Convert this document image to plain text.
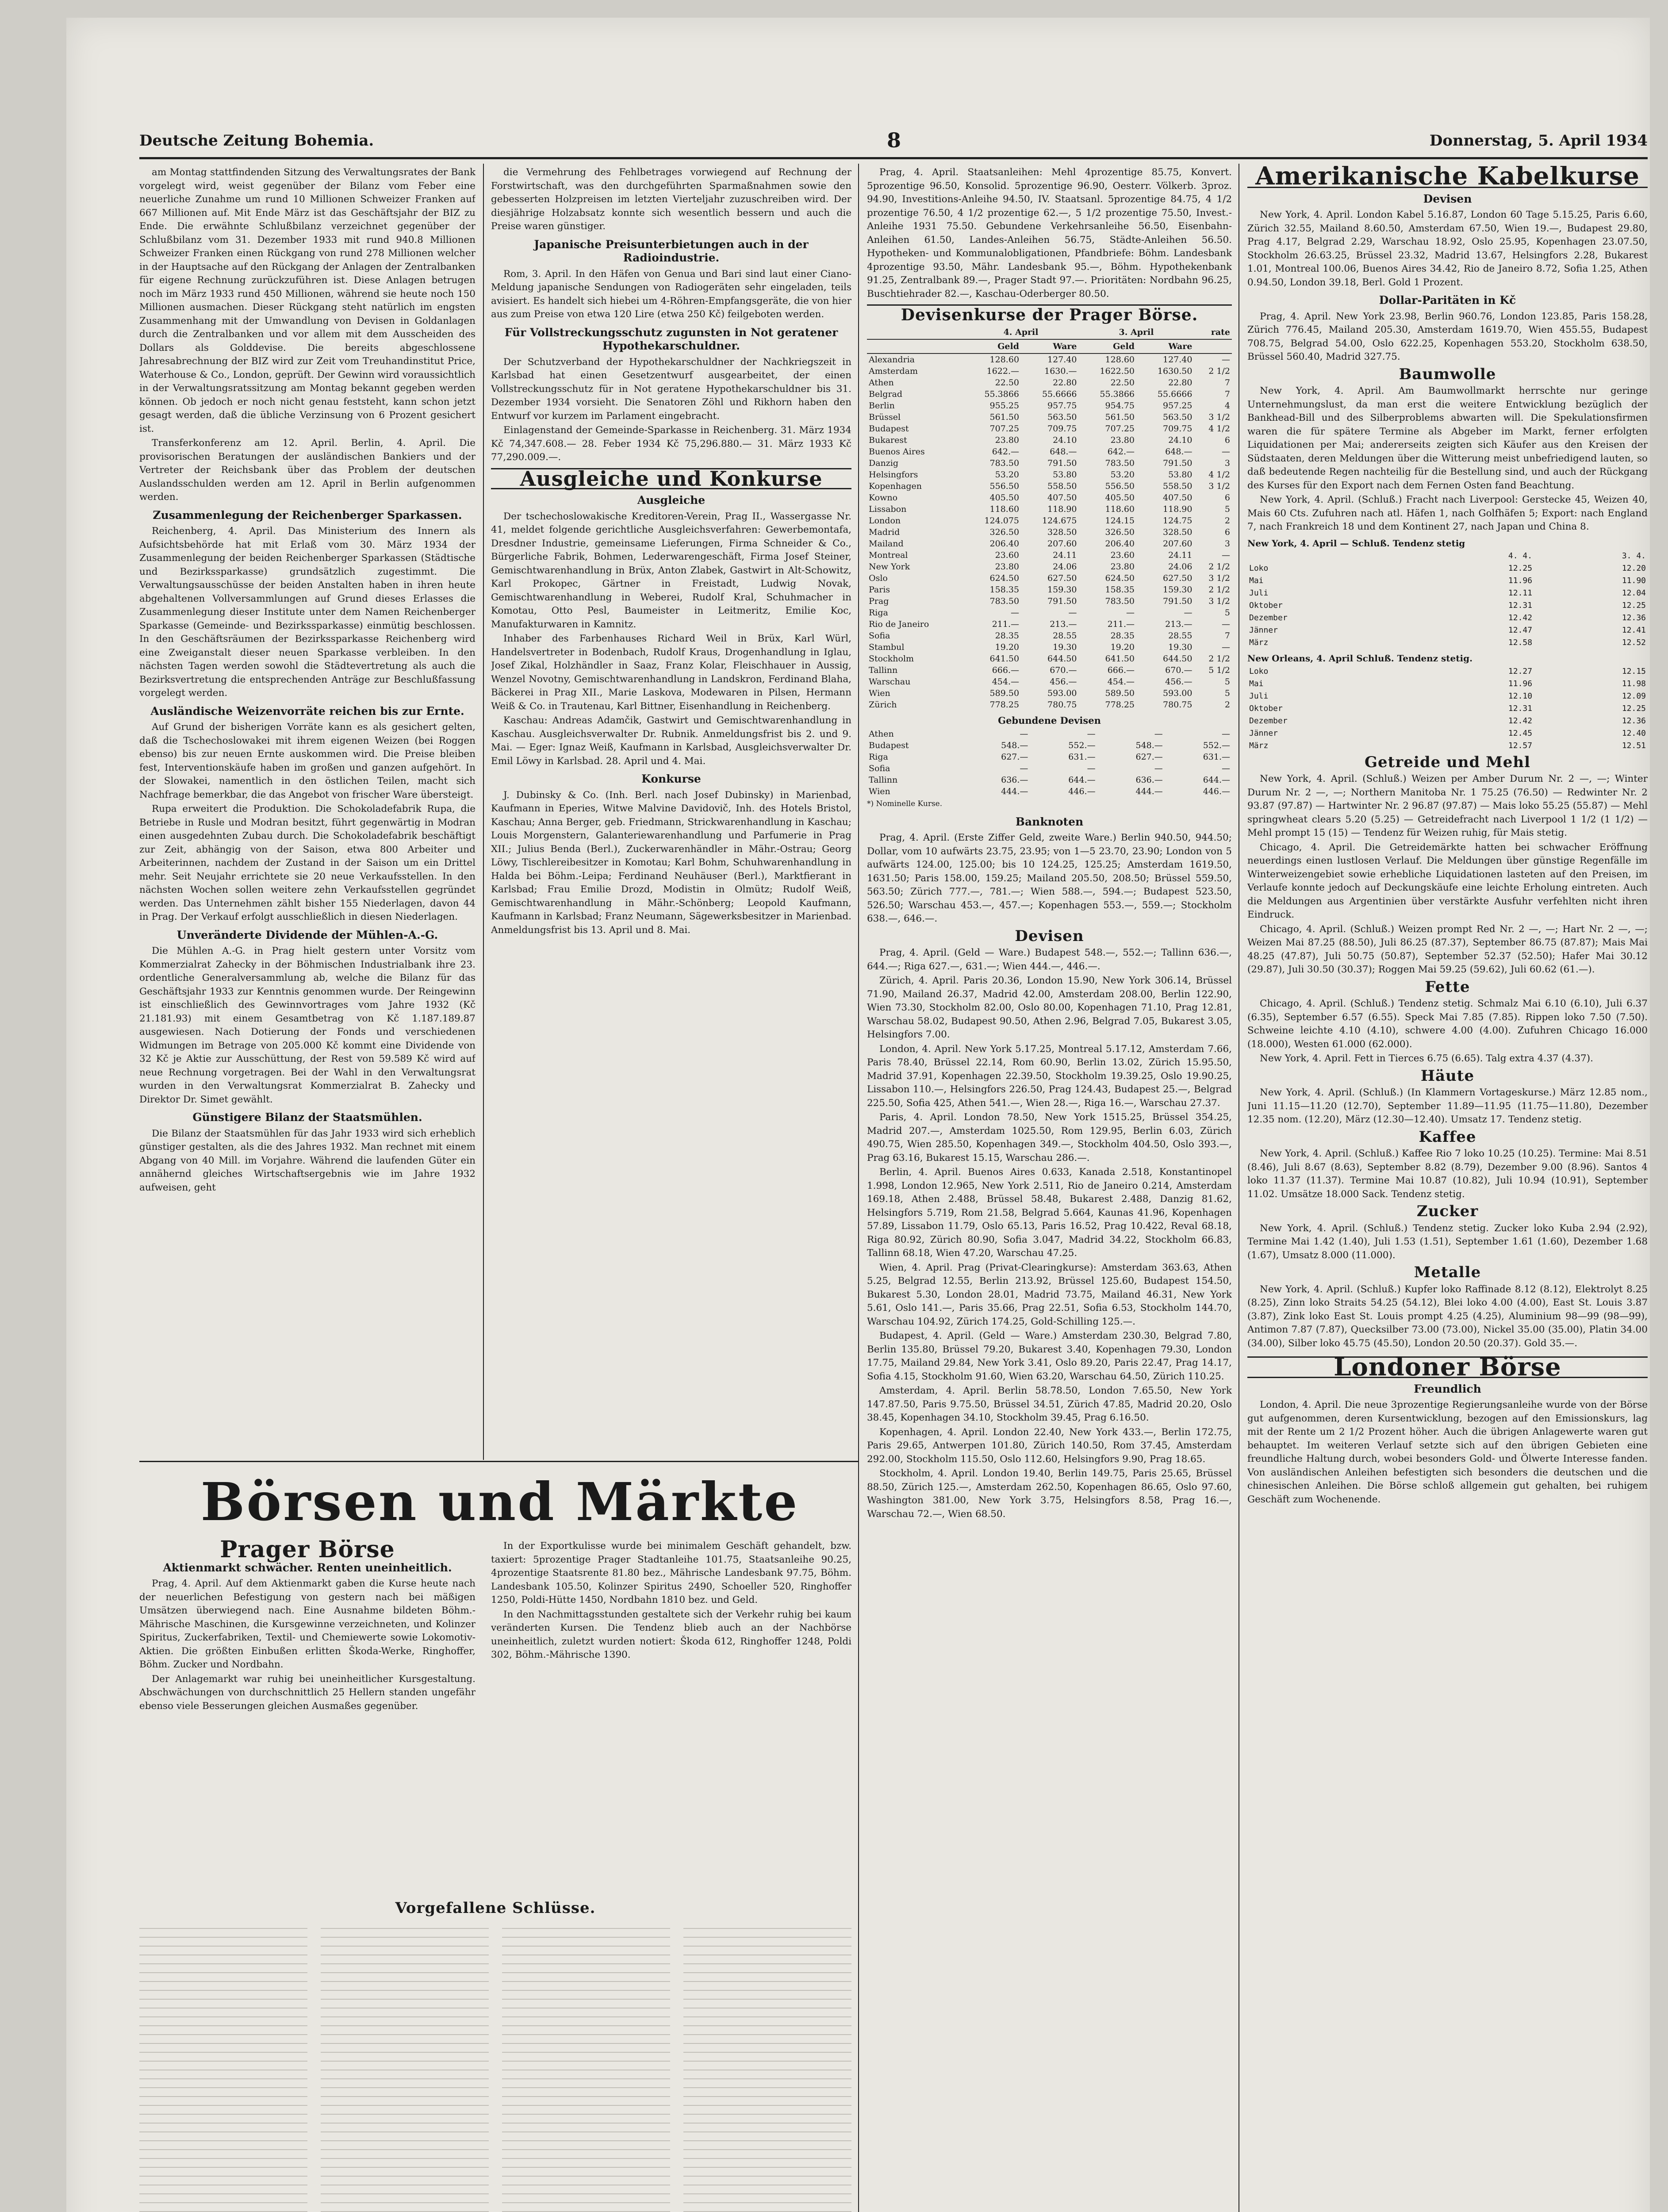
Deutsche Zeitung Bohemia.	8	Donnerstag, 5. April 1934

am Montag stattfindenden Sitzung des Verwaltungsrates der Bank vorgelegt wird, weist gegenüber der Bilanz vom Feber eine neuerliche Zunahme um rund 10 Millionen Schweizer Franken auf 667 Millionen auf. Mit Ende März ist das Geschäftsjahr der BIZ zu Ende. Die erwähnte Schlußbilanz verzeichnet gegenüber der Schlußbilanz vom 31. Dezember 1933 mit rund 940.8 Millionen Schweizer Franken einen Rückgang von rund 278 Millionen welcher in der Hauptsache auf den Rückgang der Anlagen der Zentralbanken für eigene Rechnung zurückzuführen ist. Diese Anlagen betrugen noch im März 1933 rund 450 Millionen, während sie heute noch 150 Millionen ausmachen. Dieser Rückgang steht natürlich im engsten Zusammenhang mit der Umwandlung von Devisen in Goldanlagen durch die Zentralbanken und vor allem mit dem Ausscheiden des Dollars als Golddevise. Die bereits abgeschlossene Jahresabrechnung der BIZ wird zur Zeit vom Treuhandinstitut Price, Waterhouse & Co., London, geprüft. Der Gewinn wird voraussichtlich in der Verwaltungsratssitzung am Montag bekannt gegeben werden können. Ob jedoch er noch nicht genau feststeht, kann schon jetzt gesagt werden, daß die übliche Verzinsung von 6 Prozent gesichert ist.

Transferkonferenz am 12. April. Berlin, 4. April. Die provisorischen Beratungen der ausländischen Bankiers und der Vertreter der Reichsbank über das Problem der deutschen Auslandsschulden werden am 12. April in Berlin aufgenommen werden.

Zusammenlegung der Reichenberger Sparkassen.

Reichenberg, 4. April. Das Ministerium des Innern als Aufsichtsbehörde hat mit Erlaß vom 30. März 1934 der Zusammenlegung der beiden Reichenberger Sparkassen (Städtische und Bezirkssparkasse) grundsätzlich zugestimmt. Die Verwaltungsausschüsse der beiden Anstalten haben in ihren heute abgehaltenen Vollversammlungen auf Grund dieses Erlasses die Zusammenlegung dieser Institute unter dem Namen Reichenberger Sparkasse (Gemeinde- und Bezirkssparkasse) einmütig beschlossen. In den Geschäftsräumen der Bezirkssparkasse Reichenberg wird eine Zweiganstalt dieser neuen Sparkasse verbleiben. In den nächsten Tagen werden sowohl die Städtevertretung als auch die Bezirksvertretung die entsprechenden Anträge zur Beschlußfassung vorgelegt werden.

Ausländische Weizenvorräte reichen bis zur Ernte.

Auf Grund der bisherigen Vorräte kann es als gesichert gelten, daß die Tschechoslowakei mit ihrem eigenen Weizen (bei Roggen ebenso) bis zur neuen Ernte auskommen wird. Die Preise bleiben fest, Interventionskäufe haben im großen und ganzen aufgehört. In der Slowakei, namentlich in den östlichen Teilen, macht sich Nachfrage bemerkbar, die das Angebot von frischer Ware übersteigt.

Rupa erweitert die Produktion. Die Schokoladefabrik Rupa, die Betriebe in Rusle und Modran besitzt, führt gegenwärtig in Modran einen ausgedehnten Zubau durch. Die Schokoladefabrik beschäftigt zur Zeit, abhängig von der Saison, etwa 800 Arbeiter und Arbeiterinnen, nachdem der Zustand in der Saison um ein Drittel mehr. Seit Neujahr errichtete sie 20 neue Verkaufsstellen. In den nächsten Wochen sollen weitere zehn Verkaufsstellen gegründet werden. Das Unternehmen zählt bisher 155 Niederlagen, davon 44 in Prag. Der Verkauf erfolgt ausschließlich in diesen Niederlagen.

Unveränderte Dividende der Mühlen-A.-G.

Die Mühlen A.-G. in Prag hielt gestern unter Vorsitz vom Kommerzialrat Zahecky in der Böhmischen Industrialbank ihre 23. ordentliche Generalversammlung ab, welche die Bilanz für das Geschäftsjahr 1933 zur Kenntnis genommen wurde. Der Reingewinn ist einschließlich des Gewinnvortrages vom Jahre 1932 (Kč 21.181.93) mit einem Gesamtbetrag von Kč 1.187.189.87 ausgewiesen. Nach Dotierung der Fonds und verschiedenen Widmungen im Betrage von 205.000 Kč kommt eine Dividende von 32 Kč je Aktie zur Ausschüttung, der Rest von 59.589 Kč wird auf neue Rechnung vorgetragen. Bei der Wahl in den Verwaltungsrat wurden in den Verwaltungsrat Kommerzialrat B. Zahecky und Direktor Dr. Simet gewählt.

Günstigere Bilanz der Staatsmühlen.

Die Bilanz der Staatsmühlen für das Jahr 1933 wird sich erheblich günstiger gestalten, als die des Jahres 1932. Man rechnet mit einem Abgang von 40 Mill. im Vorjahre. Während die laufenden Güter ein annähernd gleiches Wirtschaftsergebnis wie im Jahre 1932 aufweisen, geht

die Vermehrung des Fehlbetrages vorwiegend auf Rechnung der Forstwirtschaft, was den durchgeführten Sparmaßnahmen sowie den gebesserten Holzpreisen im letzten Vierteljahr zuzuschreiben wird. Der diesjährige Holzabsatz konnte sich wesentlich bessern und auch die Preise waren günstiger.

Japanische Preisunterbietungen auch in der Radioindustrie.

Rom, 3. April. In den Häfen von Genua und Bari sind laut einer Ciano-Meldung japanische Sendungen von Radiogeräten sehr eingeladen, teils avisiert. Es handelt sich hiebei um 4-Röhren-Empfangsgeräte, die von hier aus zum Preise von etwa 120 Lire (etwa 250 Kč) feilgeboten werden.

Für Vollstreckungsschutz zugunsten in Not geratener Hypothekarschuldner.

Der Schutzverband der Hypothekarschuldner der Nachkriegszeit in Karlsbad hat einen Gesetzentwurf ausgearbeitet, der einen Vollstreckungsschutz für in Not geratene Hypothekarschuldner bis 31. Dezember 1934 vorsieht. Die Senatoren Zöhl und Rikhorn haben den Entwurf vor kurzem im Parlament eingebracht.

Einlagenstand der Gemeinde-Sparkasse in Reichenberg. 31. März 1934 Kč 74,347.608.— 28. Feber 1934 Kč 75,296.880.— 31. März 1933 Kč 77,290.009.—.

Ausgleiche und Konkurse
Ausgleiche

Der tschechoslowakische Kreditoren-Verein, Prag II., Wassergasse Nr. 41, meldet folgende gerichtliche Ausgleichsverfahren: Gewerbemontafa, Dresdner Industrie, gemeinsame Lieferungen, Firma Schneider & Co., Bürgerliche Fabrik, Bohmen, Lederwarengeschäft, Firma Josef Steiner, Gemischtwarenhandlung in Brüx, Anton Zlabek, Gastwirt in Alt-Schowitz, Karl Prokopec, Gärtner in Freistadt, Ludwig Novak, Gemischtwarenhandlung in Weberei, Rudolf Kral, Schuhmacher in Komotau, Otto Pesl, Baumeister in Leitmeritz, Emilie Koc, Manufakturwaren in Kamnitz.

Inhaber des Farbenhauses Richard Weil in Brüx, Karl Würl, Handelsvertreter in Bodenbach, Rudolf Kraus, Drogenhandlung in Iglau, Josef Zikal, Holzhändler in Saaz, Franz Kolar, Fleischhauer in Aussig, Wenzel Novotny, Gemischtwarenhandlung in Landskron, Ferdinand Blaha, Bäckerei in Prag XII., Marie Laskova, Modewaren in Pilsen, Hermann Weiß & Co. in Trautenau, Karl Bittner, Eisenhandlung in Reichenberg.

Kaschau: Andreas Adamčik, Gastwirt und Gemischtwarenhandlung in Kaschau. Ausgleichsverwalter Dr. Rubnik. Anmeldungsfrist bis 2. und 9. Mai. — Eger: Ignaz Weiß, Kaufmann in Karlsbad, Ausgleichsverwalter Dr. Emil Löwy in Karlsbad. 28. April und 4. Mai.

Konkurse

J. Dubinsky & Co. (Inh. Berl. nach Josef Dubinsky) in Marienbad, Kaufmann in Eperies, Witwe Malvine Davidovič, Inh. des Hotels Bristol, Kaschau; Anna Berger, geb. Friedmann, Strickwarenhandlung in Kaschau; Louis Morgenstern, Galanteriewarenhandlung und Parfumerie in Prag XII.; Julius Benda (Berl.), Zuckerwarenhändler in Mähr.-Ostrau; Georg Löwy, Tischlereibesitzer in Komotau; Karl Bohm, Schuhwarenhandlung in Halda bei Böhm.-Leipa; Ferdinand Neuhäuser (Berl.), Marktfierant in Karlsbad; Frau Emilie Drozd, Modistin in Olmütz; Rudolf Weiß, Gemischtwarenhandlung in Mähr.-Schönberg; Leopold Kaufmann, Kaufmann in Karlsbad; Franz Neumann, Sägewerksbesitzer in Marienbad. Anmeldungsfrist bis 13. April und 8. Mai.

Börsen und Märkte
Prager Börse
Aktienmarkt schwächer. Renten uneinheitlich.

Prag, 4. April. Auf dem Aktienmarkt gaben die Kurse heute nach der neuerlichen Befestigung von gestern nach bei mäßigen Umsätzen überwiegend nach. Eine Ausnahme bildeten Böhm.-Mährische Maschinen, die Kursgewinne verzeichneten, und Kolinzer Spiritus, Zuckerfabriken, Textil- und Chemiewerte sowie Lokomotiv-Aktien. Die größten Einbußen erlitten Škoda-Werke, Ringhoffer, Böhm. Zucker und Nordbahn.

Der Anlagemarkt war ruhig bei uneinheitlicher Kursgestaltung. Abschwächungen von durchschnittlich 25 Hellern standen ungefähr ebenso viele Besserungen gleichen Ausmaßes gegenüber.

In der Exportkulisse wurde bei minimalem Geschäft gehandelt, bzw. taxiert: 5prozentige Prager Stadtanleihe 101.75, Staatsanleihe 90.25, 4prozentige Staatsrente 81.80 bez., Mährische Landesbank 97.75, Böhm. Landesbank 105.50, Kolinzer Spiritus 2490, Schoeller 520, Ringhoffer 1250, Poldi-Hütte 1450, Nordbahn 1810 bez. und Geld.

In den Nachmittagsstunden gestaltete sich der Verkehr ruhig bei kaum veränderten Kursen. Die Tendenz blieb auch an der Nachbörse uneinheitlich, zuletzt wurden notiert: Škoda 612, Ringhoffer 1248, Poldi 302, Böhm.-Mährische 1390.

Vorgefallene Schlüsse.

Prag, 4. April. Staatsanleihen: Mehl 4prozentige 85.75, Konvert. 5prozentige 96.50, Konsolid. 5prozentige 96.90, Oesterr. Völkerb. 3proz. 94.90, Investitions-Anleihe 94.50, IV. Staatsanl. 5prozentige 84.75, 4 1/2 prozentige 76.50, 4 1/2 prozentige 62.—, 5 1/2 prozentige 75.50, Invest.-Anleihe 1931 75.50. Gebundene Verkehrsanleihe 56.50, Eisenbahn-Anleihen 61.50, Landes-Anleihen 56.75, Städte-Anleihen 56.50. Hypotheken- und Kommunalobligationen, Pfandbriefe: Böhm. Landesbank 4prozentige 93.50, Mähr. Landesbank 95.—, Böhm. Hypothekenbank 91.25, Zentralbank 89.—, Prager Stadt 97.—. Prioritäten: Nordbahn 96.25, Buschtiehrader 82.—, Kaschau-Oderberger 80.50.

Devisenkurse der Prager Börse.
	4. April		3. April		rate
	Geld	Ware	Geld	Ware	
Alexandria	128.60	127.40	128.60	127.40	—
Amsterdam	1622.—	1630.—	1622.50	1630.50	2 1/2
Athen	22.50	22.80	22.50	22.80	7
Belgrad	55.3866	55.6666	55.3866	55.6666	7
Berlin	955.25	957.75	954.75	957.25	4
Brüssel	561.50	563.50	561.50	563.50	3 1/2
Budapest	707.25	709.75	707.25	709.75	4 1/2
Bukarest	23.80	24.10	23.80	24.10	6
Buenos Aires	642.—	648.—	642.—	648.—	—
Danzig	783.50	791.50	783.50	791.50	3
Helsingfors	53.20	53.80	53.20	53.80	4 1/2
Kopenhagen	556.50	558.50	556.50	558.50	3 1/2
Kowno	405.50	407.50	405.50	407.50	6
Lissabon	118.60	118.90	118.60	118.90	5
London	124.075	124.675	124.15	124.75	2
Madrid	326.50	328.50	326.50	328.50	6
Mailand	206.40	207.60	206.40	207.60	3
Montreal	23.60	24.11	23.60	24.11	—
New York	23.80	24.06	23.80	24.06	2 1/2
Oslo	624.50	627.50	624.50	627.50	3 1/2
Paris	158.35	159.30	158.35	159.30	2 1/2
Prag	783.50	791.50	783.50	791.50	3 1/2
Riga	—	—	—	—	5
Rio de Janeiro	211.—	213.—	211.—	213.—	—
Sofia	28.35	28.55	28.35	28.55	7
Stambul	19.20	19.30	19.20	19.30	—
Stockholm	641.50	644.50	641.50	644.50	2 1/2
Tallinn	666.—	670.—	666.—	670.—	5 1/2
Warschau	454.—	456.—	454.—	456.—	5
Wien	589.50	593.00	589.50	593.00	5
Zürich	778.25	780.75	778.25	780.75	2
Gebundene Devisen
Athen	—	—	—	—
Budapest	548.—	552.—	548.—	552.—
Riga	627.—	631.—	627.—	631.—
Sofia	—	—	—	—
Tallinn	636.—	644.—	636.—	644.—
Wien	444.—	446.—	444.—	446.—
*) Nominelle Kurse.
Banknoten

Prag, 4. April. (Erste Ziffer Geld, zweite Ware.) Berlin 940.50, 944.50; Dollar, vom 10 aufwärts 23.75, 23.95; von 1—5 23.70, 23.90; London von 5 aufwärts 124.00, 125.00; bis 10 124.25, 125.25; Amsterdam 1619.50, 1631.50; Paris 158.00, 159.25; Mailand 205.50, 208.50; Brüssel 559.50, 563.50; Zürich 777.—, 781.—; Wien 588.—, 594.—; Budapest 523.50, 526.50; Warschau 453.—, 457.—; Kopenhagen 553.—, 559.—; Stockholm 638.—, 646.—.

Devisen

Prag, 4. April. (Geld — Ware.) Budapest 548.—, 552.—; Tallinn 636.—, 644.—; Riga 627.—, 631.—; Wien 444.—, 446.—.

Zürich, 4. April. Paris 20.36, London 15.90, New York 306.14, Brüssel 71.90, Mailand 26.37, Madrid 42.00, Amsterdam 208.00, Berlin 122.90, Wien 73.30, Stockholm 82.00, Oslo 80.00, Kopenhagen 71.10, Prag 12.81, Warschau 58.02, Budapest 90.50, Athen 2.96, Belgrad 7.05, Bukarest 3.05, Helsingfors 7.00.

London, 4. April. New York 5.17.25, Montreal 5.17.12, Amsterdam 7.66, Paris 78.40, Brüssel 22.14, Rom 60.90, Berlin 13.02, Zürich 15.95.50, Madrid 37.91, Kopenhagen 22.39.50, Stockholm 19.39.25, Oslo 19.90.25, Lissabon 110.—, Helsingfors 226.50, Prag 124.43, Budapest 25.—, Belgrad 225.50, Sofia 425, Athen 541.—, Wien 28.—, Riga 16.—, Warschau 27.37.

Paris, 4. April. London 78.50, New York 1515.25, Brüssel 354.25, Madrid 207.—, Amsterdam 1025.50, Rom 129.95, Berlin 6.03, Zürich 490.75, Wien 285.50, Kopenhagen 349.—, Stockholm 404.50, Oslo 393.—, Prag 63.16, Bukarest 15.15, Warschau 286.—.

Berlin, 4. April. Buenos Aires 0.633, Kanada 2.518, Konstantinopel 1.998, London 12.965, New York 2.511, Rio de Janeiro 0.214, Amsterdam 169.18, Athen 2.488, Brüssel 58.48, Bukarest 2.488, Danzig 81.62, Helsingfors 5.719, Rom 21.58, Belgrad 5.664, Kaunas 41.96, Kopenhagen 57.89, Lissabon 11.79, Oslo 65.13, Paris 16.52, Prag 10.422, Reval 68.18, Riga 80.92, Zürich 80.90, Sofia 3.047, Madrid 34.22, Stockholm 66.83, Tallinn 68.18, Wien 47.20, Warschau 47.25.

Wien, 4. April. Prag (Privat-Clearingkurse): Amsterdam 363.63, Athen 5.25, Belgrad 12.55, Berlin 213.92, Brüssel 125.60, Budapest 154.50, Bukarest 5.30, London 28.01, Madrid 73.75, Mailand 46.31, New York 5.61, Oslo 141.—, Paris 35.66, Prag 22.51, Sofia 6.53, Stockholm 144.70, Warschau 104.92, Zürich 174.25, Gold-Schilling 125.—.

Budapest, 4. April. (Geld — Ware.) Amsterdam 230.30, Belgrad 7.80, Berlin 135.80, Brüssel 79.20, Bukarest 3.40, Kopenhagen 79.30, London 17.75, Mailand 29.84, New York 3.41, Oslo 89.20, Paris 22.47, Prag 14.17, Sofia 4.15, Stockholm 91.60, Wien 63.20, Warschau 64.50, Zürich 110.25.

Amsterdam, 4. April. Berlin 58.78.50, London 7.65.50, New York 147.87.50, Paris 9.75.50, Brüssel 34.51, Zürich 47.85, Madrid 20.20, Oslo 38.45, Kopenhagen 34.10, Stockholm 39.45, Prag 6.16.50.

Kopenhagen, 4. April. London 22.40, New York 433.—, Berlin 172.75, Paris 29.65, Antwerpen 101.80, Zürich 140.50, Rom 37.45, Amsterdam 292.00, Stockholm 115.50, Oslo 112.60, Helsingfors 9.90, Prag 18.65.

Stockholm, 4. April. London 19.40, Berlin 149.75, Paris 25.65, Brüssel 88.50, Zürich 125.—, Amsterdam 262.50, Kopenhagen 86.65, Oslo 97.60, Washington 381.00, New York 3.75, Helsingfors 8.58, Prag 16.—, Warschau 72.—, Wien 68.50.

Amerikanische Kabelkurse
Devisen

New York, 4. April. London Kabel 5.16.87, London 60 Tage 5.15.25, Paris 6.60, Zürich 32.55, Mailand 8.60.50, Amsterdam 67.50, Wien 19.—, Budapest 29.80, Prag 4.17, Belgrad 2.29, Warschau 18.92, Oslo 25.95, Kopenhagen 23.07.50, Stockholm 26.63.25, Brüssel 23.32, Madrid 13.67, Helsingfors 2.28, Bukarest 1.01, Montreal 100.06, Buenos Aires 34.42, Rio de Janeiro 8.72, Sofia 1.25, Athen 0.94.50, London 39.18, Berl. Gold 1 Prozent.

Dollar-Paritäten in Kč

Prag, 4. April. New York 23.98, Berlin 960.76, London 123.85, Paris 158.28, Zürich 776.45, Mailand 205.30, Amsterdam 1619.70, Wien 455.55, Budapest 708.75, Belgrad 54.00, Oslo 622.25, Kopenhagen 553.20, Stockholm 638.50, Brüssel 560.40, Madrid 327.75.

Baumwolle

New York, 4. April. Am Baumwollmarkt herrschte nur geringe Unternehmungslust, da man erst die weitere Entwicklung bezüglich der Bankhead-Bill und des Silberproblems abwarten will. Die Spekulationsfirmen waren die für spätere Termine als Abgeber im Markt, ferner erfolgten Liquidationen per Mai; andererseits zeigten sich Käufer aus den Kreisen der Südstaaten, deren Meldungen über die Witterung meist unbefriedigend lauten, so daß bedeutende Regen nachteilig für die Bestellung sind, und auch der Rückgang des Kurses für den Export nach dem Fernen Osten fand Beachtung.

New York, 4. April. (Schluß.) Fracht nach Liverpool: Gerstecke 45, Weizen 40, Mais 60 Cts. Zufuhren nach atl. Häfen 1, nach Golfhäfen 5; Export: nach England 7, nach Frankreich 18 und dem Kontinent 27, nach Japan und China 8.

New York, 4. April — Schluß. Tendenz stetig
	4. 4.	3. 4.
Loko	12.25	12.20
Mai	11.96	11.90
Juli	12.11	12.04
Oktober	12.31	12.25
Dezember	12.42	12.36
Jänner	12.47	12.41
März	12.58	12.52
New Orleans, 4. April Schluß. Tendenz stetig.
Loko	12.27	12.15
Mai	11.96	11.98
Juli	12.10	12.09
Oktober	12.31	12.25
Dezember	12.42	12.36
Jänner	12.45	12.40
März	12.57	12.51
Getreide und Mehl

New York, 4. April. (Schluß.) Weizen per Amber Durum Nr. 2 —, —; Winter Durum Nr. 2 —, —; Northern Manitoba Nr. 1 75.25 (76.50) — Redwinter Nr. 2 93.87 (97.87) — Hartwinter Nr. 2 96.87 (97.87) — Mais loko 55.25 (55.87) — Mehl springwheat clears 5.20 (5.25) — Getreidefracht nach Liverpool 1 1/2 (1 1/2) — Mehl prompt 15 (15) — Tendenz für Weizen ruhig, für Mais stetig.

Chicago, 4. April. Die Getreidemärkte hatten bei schwacher Eröffnung neuerdings einen lustlosen Verlauf. Die Meldungen über günstige Regenfälle im Winterweizengebiet sowie erhebliche Liquidationen lasteten auf den Preisen, im Verlaufe konnte jedoch auf Deckungskäufe eine leichte Erholung eintreten. Auch die Meldungen aus Argentinien über verstärkte Ausfuhr verfehlten nicht ihren Eindruck.

Chicago, 4. April. (Schluß.) Weizen prompt Red Nr. 2 —, —; Hart Nr. 2 —, —; Weizen Mai 87.25 (88.50), Juli 86.25 (87.37), September 86.75 (87.87); Mais Mai 48.25 (47.87), Juli 50.75 (50.87), September 52.37 (52.50); Hafer Mai 30.12 (29.87), Juli 30.50 (30.37); Roggen Mai 59.25 (59.62), Juli 60.62 (61.—).

Fette

Chicago, 4. April. (Schluß.) Tendenz stetig. Schmalz Mai 6.10 (6.10), Juli 6.37 (6.35), September 6.57 (6.55). Speck Mai 7.85 (7.85). Rippen loko 7.50 (7.50). Schweine leichte 4.10 (4.10), schwere 4.00 (4.00). Zufuhren Chicago 16.000 (18.000), Westen 61.000 (62.000).

New York, 4. April. Fett in Tierces 6.75 (6.65). Talg extra 4.37 (4.37).

Häute

New York, 4. April. (Schluß.) (In Klammern Vortageskurse.) März 12.85 nom., Juni 11.15—11.20 (12.70), September 11.89—11.95 (11.75—11.80), Dezember 12.35 nom. (12.20), März (12.30—12.40). Umsatz 17. Tendenz stetig.

Kaffee

New York, 4. April. (Schluß.) Kaffee Rio 7 loko 10.25 (10.25). Termine: Mai 8.51 (8.46), Juli 8.67 (8.63), September 8.82 (8.79), Dezember 9.00 (8.96). Santos 4 loko 11.37 (11.37). Termine Mai 10.87 (10.82), Juli 10.94 (10.91), September 11.02. Umsätze 18.000 Sack. Tendenz stetig.

Zucker

New York, 4. April. (Schluß.) Tendenz stetig. Zucker loko Kuba 2.94 (2.92), Termine Mai 1.42 (1.40), Juli 1.53 (1.51), September 1.61 (1.60), Dezember 1.68 (1.67), Umsatz 8.000 (11.000).

Metalle

New York, 4. April. (Schluß.) Kupfer loko Raffinade 8.12 (8.12), Elektrolyt 8.25 (8.25), Zinn loko Straits 54.25 (54.12), Blei loko 4.00 (4.00), East St. Louis 3.87 (3.87), Zink loko East St. Louis prompt 4.25 (4.25), Aluminium 98—99 (98—99), Antimon 7.87 (7.87), Quecksilber 73.00 (73.00), Nickel 35.00 (35.00), Platin 34.00 (34.00), Silber loko 45.75 (45.50), London 20.50 (20.37). Gold 35.—.

Londoner Börse
Freundlich

London, 4. April. Die neue 3prozentige Regierungsanleihe wurde von der Börse gut aufgenommen, deren Kursentwicklung, bezogen auf den Emissionskurs, lag mit der Rente um 2 1/2 Prozent höher. Auch die übrigen Anlagewerte waren gut behauptet. Im weiteren Verlauf setzte sich auf den übrigen Gebieten eine freundliche Haltung durch, wobei besonders Gold- und Ölwerte Interesse fanden. Von ausländischen Anleihen befestigten sich besonders die deutschen und die chinesischen Anleihen. Die Börse schloß allgemein gut gehalten, bei ruhigem Geschäft zum Wochenende.
